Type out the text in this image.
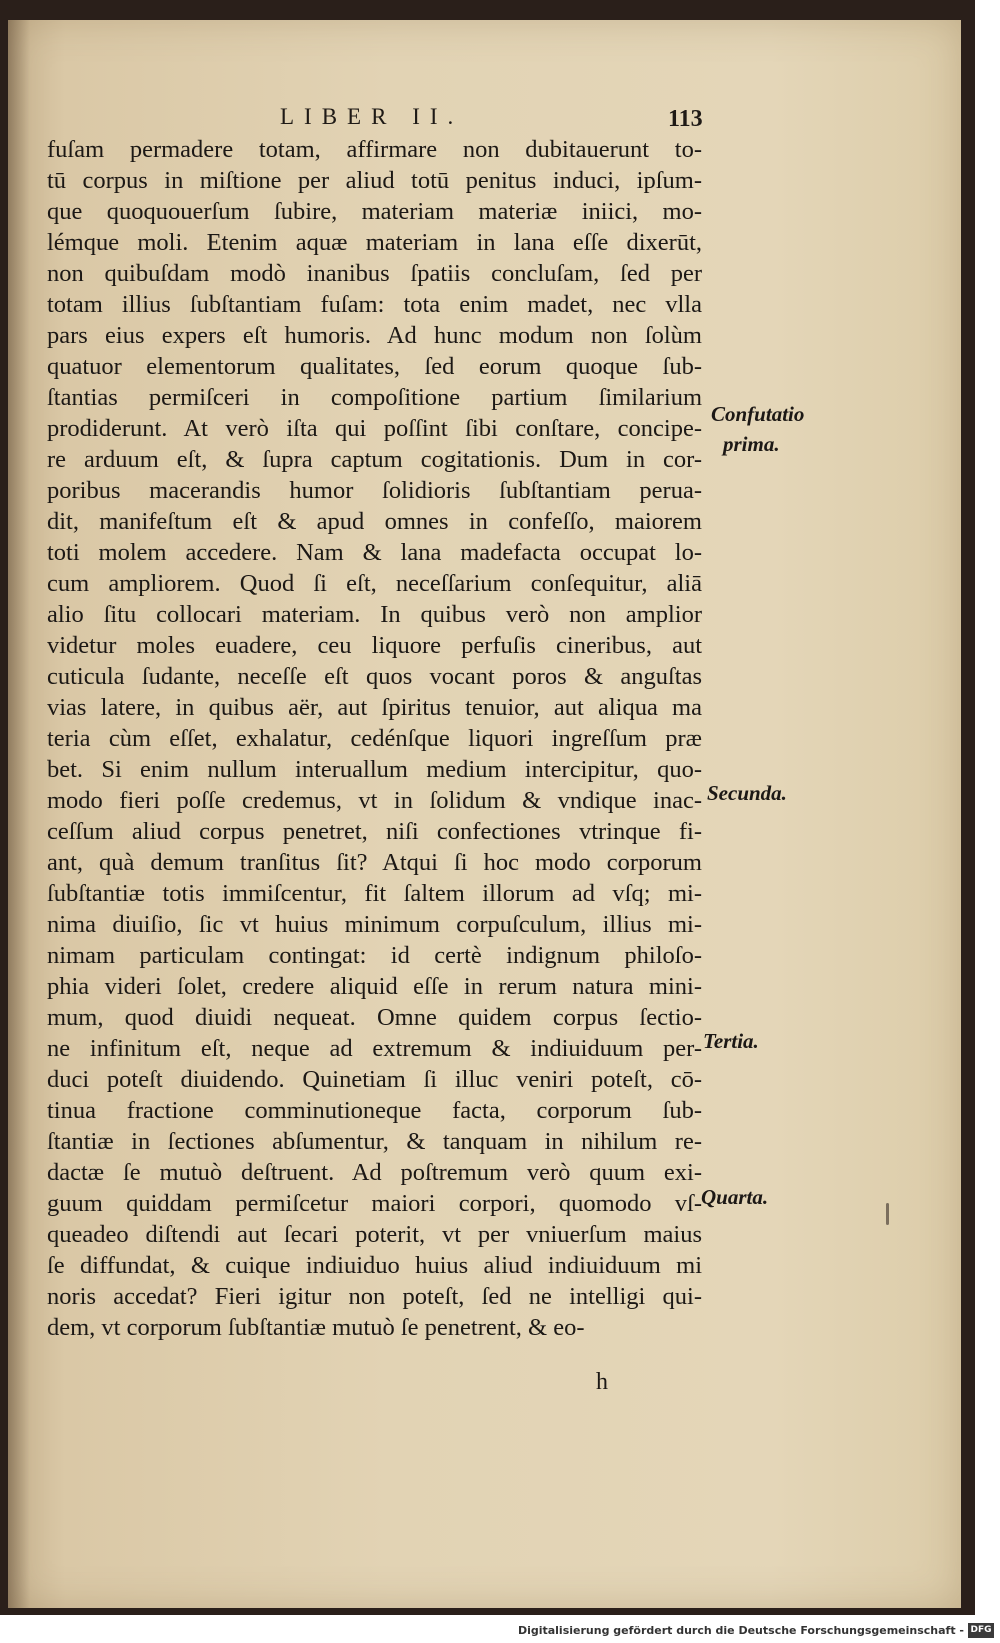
LIBER II.	113
fuſam permadere totam, affirmare non dubitauerunt to-
tū corpus in miſtione per aliud totū penitus induci, ipſum-
que quoquouerſum ſubire, materiam materiæ iniici, mo-
lémque moli. Etenim aquæ materiam in lana eſſe dixerūt,
non quibuſdam modò inanibus ſpatiis concluſam, ſed per
totam illius ſubſtantiam fuſam: tota enim madet, nec vlla
pars eius expers eſt humoris. Ad hunc modum non ſolùm
quatuor elementorum qualitates, ſed eorum quoque ſub-
ſtantias permiſceri in compoſitione partium ſimilarium
prodiderunt. At verò iſta qui poſſint ſibi conſtare, concipe-
re arduum eſt, & ſupra captum cogitationis. Dum in cor-
poribus macerandis humor ſolidioris ſubſtantiam perua-
dit, manifeſtum eſt & apud omnes in confeſſo, maiorem
toti molem accedere. Nam & lana madefacta occupat lo-
cum ampliorem. Quod ſi eſt, neceſſarium conſequitur, aliā
alio ſitu collocari materiam. In quibus verò non amplior
videtur moles euadere, ceu liquore perfuſis cineribus, aut
cuticula ſudante, neceſſe eſt quos vocant poros & anguſtas
vias latere, in quibus aër, aut ſpiritus tenuior, aut aliqua ma
teria cùm eſſet, exhalatur, cedénſque liquori ingreſſum præ
bet. Si enim nullum interuallum medium intercipitur, quo-
modo fieri poſſe credemus, vt in ſolidum & vndique inac-
ceſſum aliud corpus penetret, niſi confectiones vtrinque fi-
ant, quà demum tranſitus ſit? Atqui ſi hoc modo corporum
ſubſtantiæ totis immiſcentur, fit ſaltem illorum ad vſq; mi-
nima diuiſio, ſic vt huius minimum corpuſculum, illius mi-
nimam particulam contingat: id certè indignum philoſo-
phia videri ſolet, credere aliquid eſſe in rerum natura mini-
mum, quod diuidi nequeat. Omne quidem corpus ſectio-
ne infinitum eſt, neque ad extremum & indiuiduum per-
duci poteſt diuidendo. Quinetiam ſi illuc veniri poteſt, cō-
tinua fractione comminutioneque facta, corporum ſub-
ſtantiæ in ſectiones abſumentur, & tanquam in nihilum re-
dactæ ſe mutuò deſtruent. Ad poſtremum verò quum exi-
guum quiddam permiſcetur maiori corpori, quomodo vſ-
queadeo diſtendi aut ſecari poterit, vt per vniuerſum maius
ſe diffundat, & cuique indiuiduo huius aliud indiuiduum mi
noris accedat? Fieri igitur non poteſt, ſed ne intelligi qui-
dem, vt corporum ſubſtantiæ mutuò ſe penetrent, & eo-
Confutatio
prima.
Secunda.
Tertia.
Quarta.
h
Digitalisierung gefördert durch die Deutsche Forschungsgemeinschaft - DFG
